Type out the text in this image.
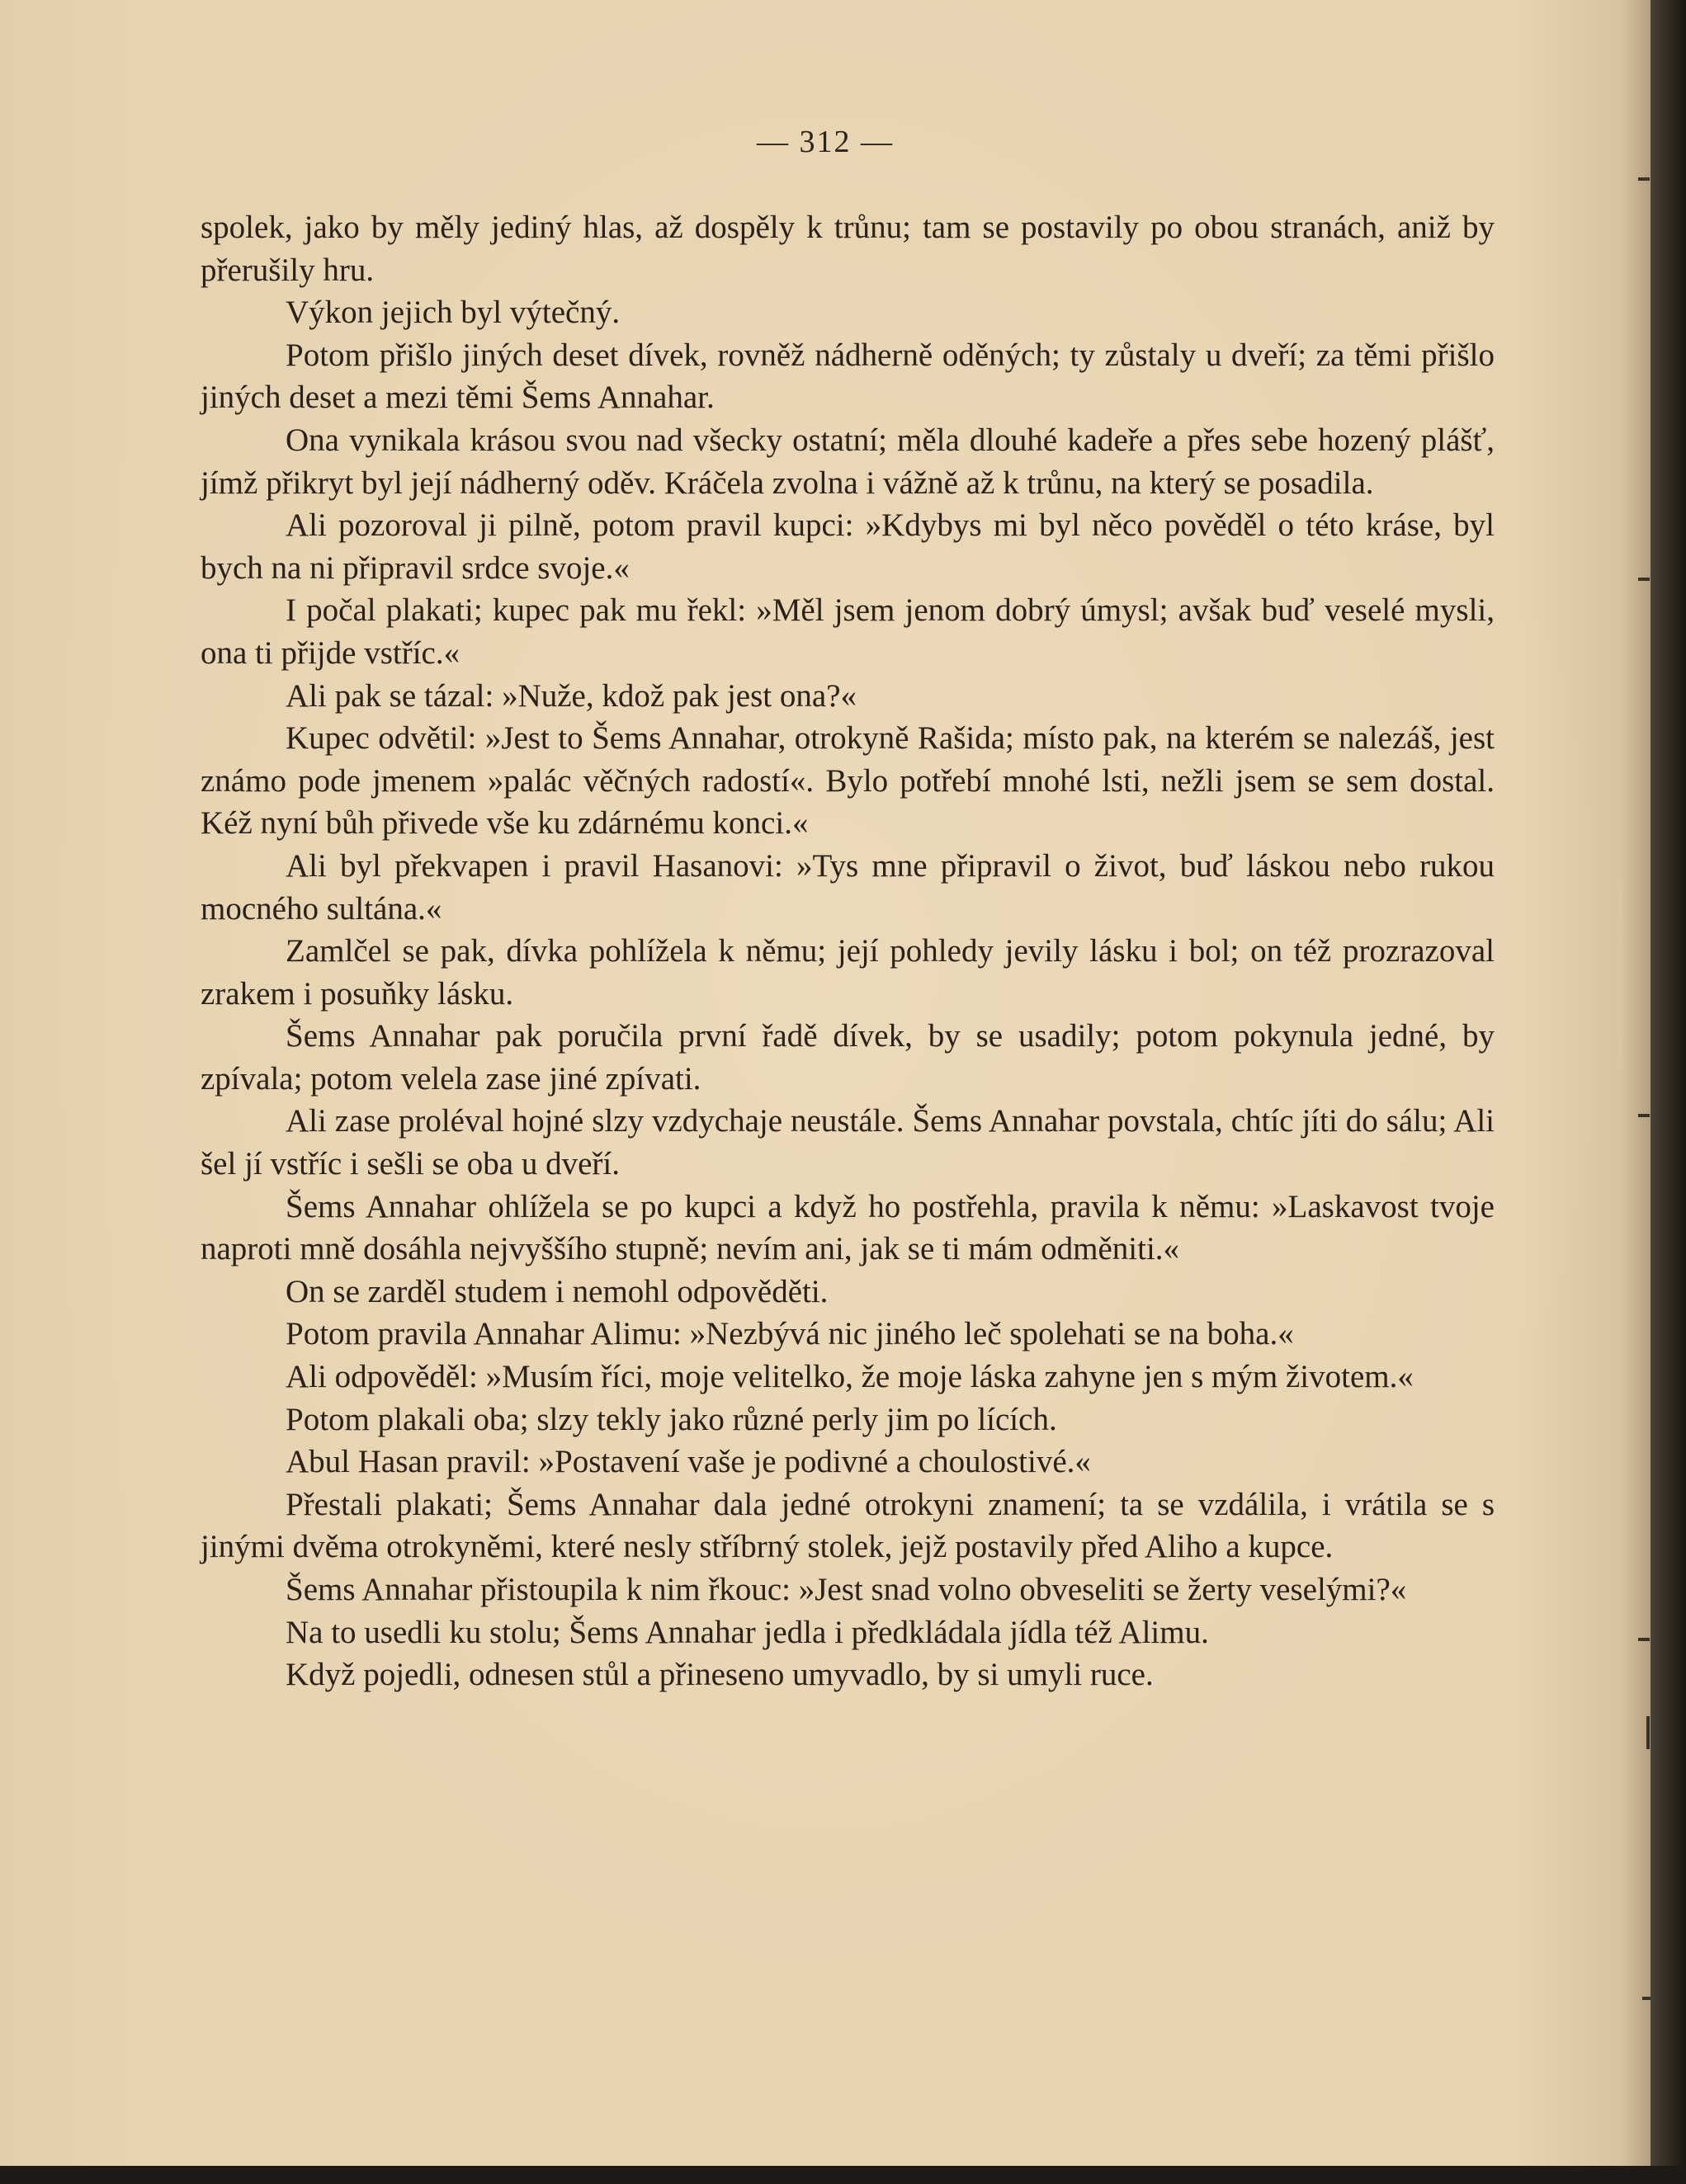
— 312 —

spolek, jako by měly jediný hlas, až dospěly k trůnu; tam se postavily po obou stranách, aniž by přerušily hru.

Výkon jejich byl výtečný.

Potom přišlo jiných deset dívek, rovněž nádherně oděných; ty zůstaly u dveří; za těmi přišlo jiných deset a mezi těmi Šems Annahar.

Ona vynikala krásou svou nad všecky ostatní; měla dlouhé kadeře a přes sebe hozený plášť, jímž přikryt byl její nádherný oděv. Kráčela zvolna i vážně až k trůnu, na který se posadila.

Ali pozoroval ji pilně, potom pravil kupci: »Kdybys mi byl něco pověděl o této kráse, byl bych na ni připravil srdce svoje.«

I počal plakati; kupec pak mu řekl: »Měl jsem jenom dobrý úmysl; avšak buď veselé mysli, ona ti přijde vstříc.«

Ali pak se tázal: »Nuže, kdož pak jest ona?«

Kupec odvětil: »Jest to Šems Annahar, otrokyně Rašida; místo pak, na kterém se nalezáš, jest známo pode jmenem »palác věčných radostí«. Bylo potřebí mnohé lsti, nežli jsem se sem dostal. Kéž nyní bůh přivede vše ku zdárnému konci.«

Ali byl překvapen i pravil Hasanovi: »Tys mne připravil o život, buď láskou nebo rukou mocného sultána.«

Zamlčel se pak, dívka pohlížela k němu; její pohledy jevily lásku i bol; on též prozrazoval zrakem i posuňky lásku.

Šems Annahar pak poručila první řadě dívek, by se usadily; potom pokynula jedné, by zpívala; potom velela zase jiné zpívati.

Ali zase proléval hojné slzy vzdychaje neustále. Šems Annahar povstala, chtíc jíti do sálu; Ali šel jí vstříc i sešli se oba u dveří.

Šems Annahar ohlížela se po kupci a když ho postřehla, pravila k němu: »Laskavost tvoje naproti mně dosáhla nejvyššího stupně; nevím ani, jak se ti mám odměniti.«

On se zarděl studem i nemohl odpověděti.

Potom pravila Annahar Alimu: »Nezbývá nic jiného leč spolehati se na boha.«

Ali odpověděl: »Musím říci, moje velitelko, že moje láska zahyne jen s mým životem.«

Potom plakali oba; slzy tekly jako různé perly jim po lících.

Abul Hasan pravil: »Postavení vaše je podivné a choulostivé.«

Přestali plakati; Šems Annahar dala jedné otrokyni znamení; ta se vzdálila, i vrátila se s jinými dvěma otrokyněmi, které nesly stříbrný stolek, jejž postavily před Aliho a kupce.

Šems Annahar přistoupila k nim řkouc: »Jest snad volno obveseliti se žerty veselými?«

Na to usedli ku stolu; Šems Annahar jedla i předkládala jídla též Alimu.

Když pojedli, odnesen stůl a přineseno umyvadlo, by si umyli ruce.
